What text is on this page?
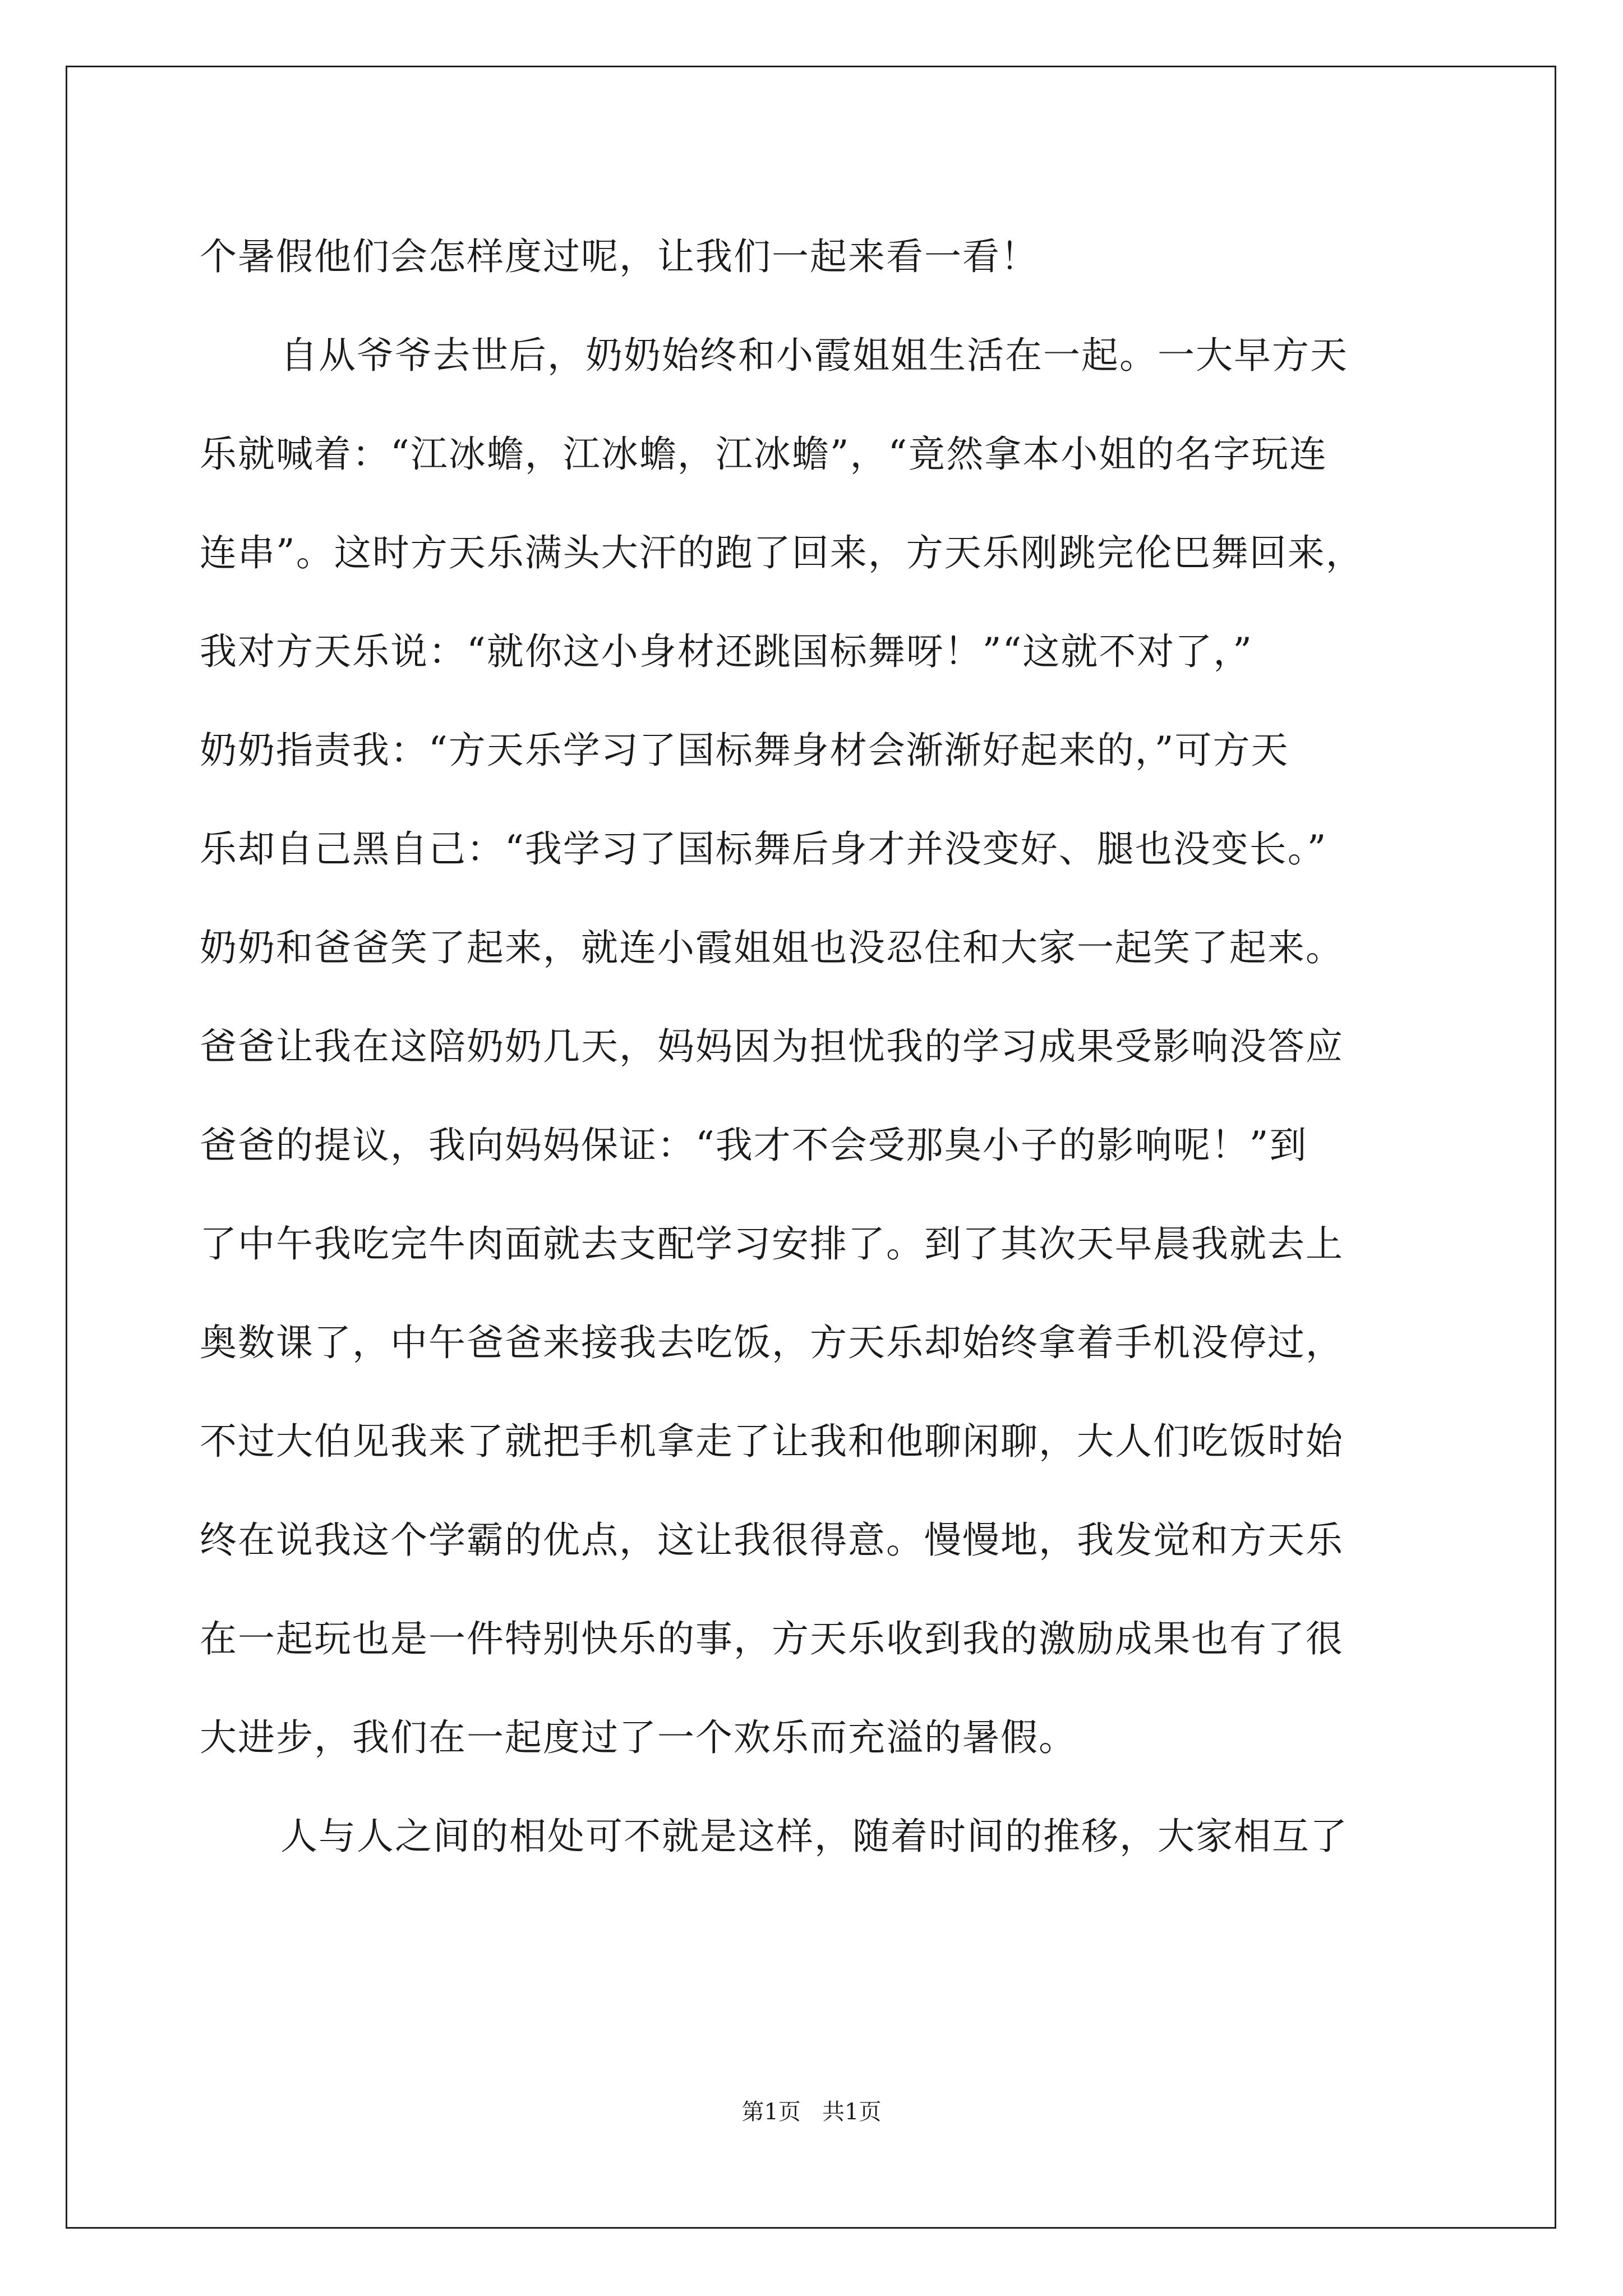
个暑假他们会怎样度过呢，让我们一起来看一看！
自从爷爷去世后，奶奶始终和小霞姐姐生活在一起。一大早方天
乐就喊着：“江冰蟾，江冰蟾，江冰蟾”，“竟然拿本小姐的名字玩连
连串”。这时方天乐满头大汗的跑了回来，方天乐刚跳完伦巴舞回来，
我对方天乐说：“就你这小身材还跳国标舞呀！”“这就不对了，”
奶奶指责我：“方天乐学习了国标舞身材会渐渐好起来的，”可方天
乐却自己黑自己：“我学习了国标舞后身才并没变好、腿也没变长。”
奶奶和爸爸笑了起来，就连小霞姐姐也没忍住和大家一起笑了起来。
爸爸让我在这陪奶奶几天，妈妈因为担忧我的学习成果受影响没答应
爸爸的提议，我向妈妈保证：“我才不会受那臭小子的影响呢！”到
了中午我吃完牛肉面就去支配学习安排了。到了其次天早晨我就去上
奥数课了，中午爸爸来接我去吃饭，方天乐却始终拿着手机没停过，
不过大伯见我来了就把手机拿走了让我和他聊闲聊，大人们吃饭时始
终在说我这个学霸的优点，这让我很得意。慢慢地，我发觉和方天乐
在一起玩也是一件特别快乐的事，方天乐收到我的激励成果也有了很
大进步，我们在一起度过了一个欢乐而充溢的暑假。
人与人之间的相处可不就是这样，随着时间的推移，大家相互了
第1页   共1页
